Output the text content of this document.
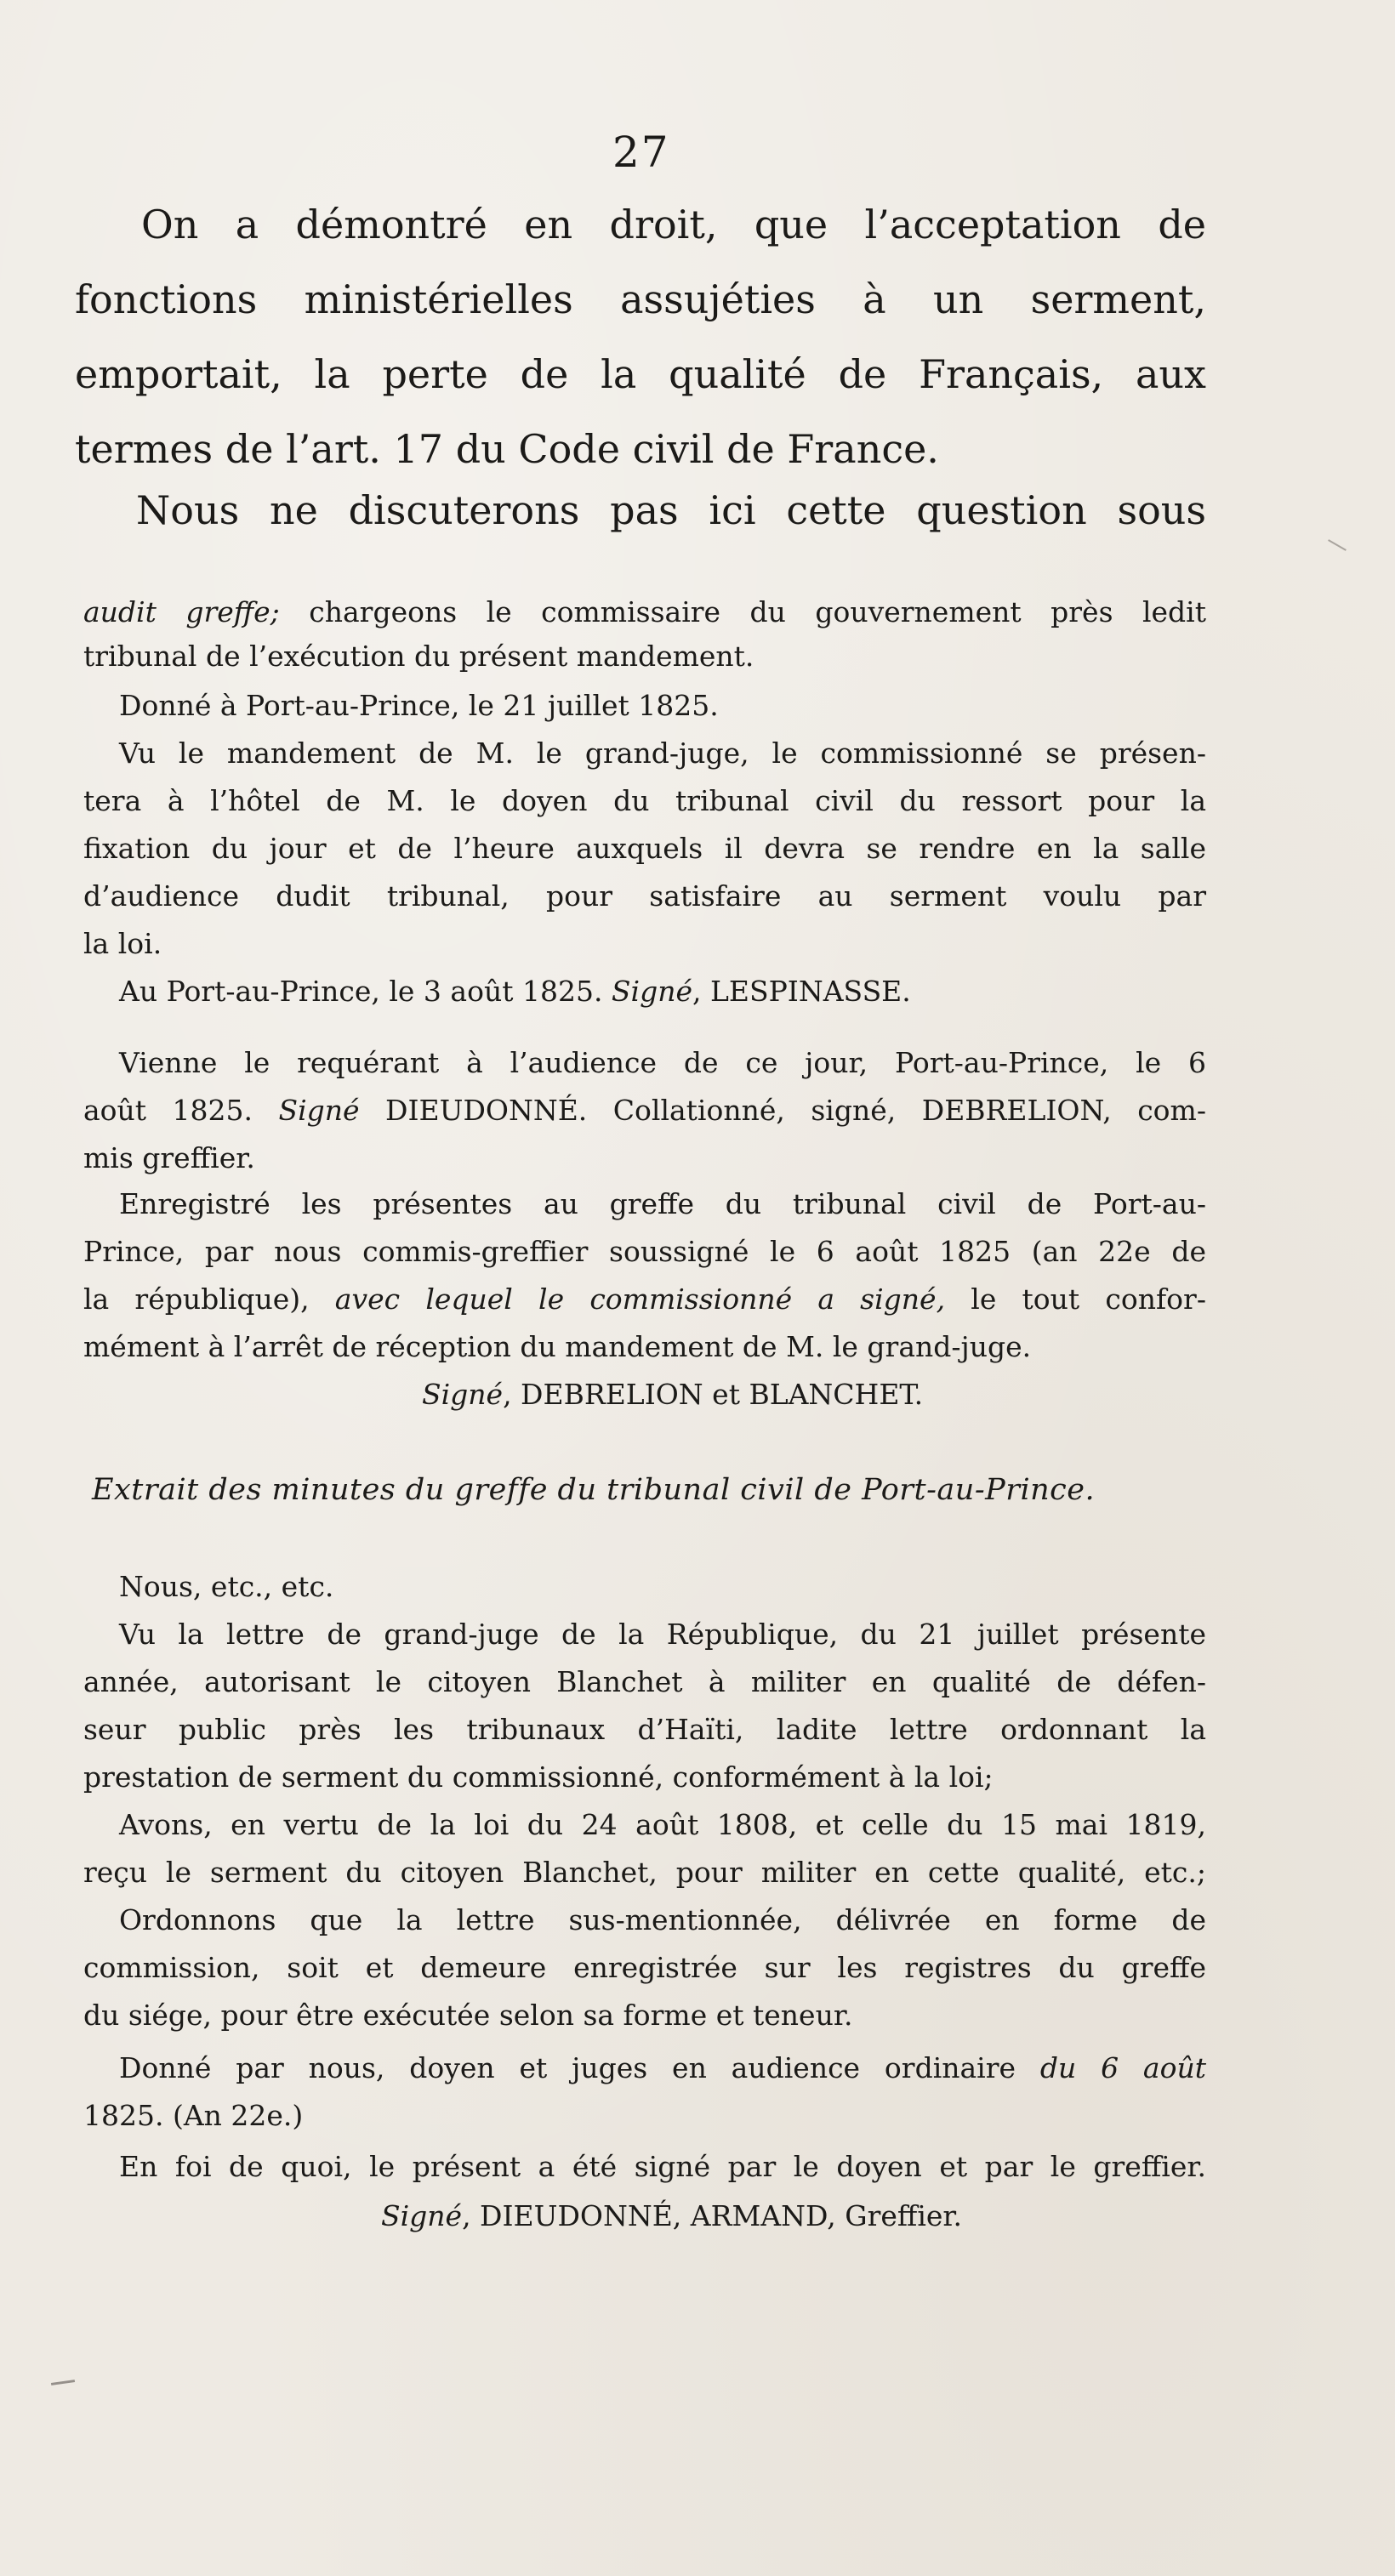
27
On a démontré en droit, que l’acceptation de
fonctions ministérielles assujéties à un serment,
emportait, la perte de la qualité de Français, aux
termes de l’art. 17 du Code civil de France.
Nous ne discuterons pas ici cette question sous

audit greffe; chargeons le commissaire du gouvernement près ledit
tribunal de l’exécution du présent mandement.
Donné à Port-au-Prince, le 21 juillet 1825.
Vu le mandement de M. le grand-juge, le commissionné se présen-
tera à l’hôtel de M. le doyen du tribunal civil du ressort pour la
fixation du jour et de l’heure auxquels il devra se rendre en la salle
d’audience dudit tribunal, pour satisfaire au serment voulu par
la loi.
Au Port-au-Prince, le 3 août 1825. Signé, LESPINASSE.
Vienne le requérant à l’audience de ce jour, Port-au-Prince, le 6
août 1825. Signé DIEUDONNÉ. Collationné, signé, DEBRELION, com-
mis greffier.
Enregistré les présentes au greffe du tribunal civil de Port-au-
Prince, par nous commis-greffier soussigné le 6 août 1825 (an 22e de
la république), avec lequel le commissionné a signé, le tout confor-
mément à l’arrêt de réception du mandement de M. le grand-juge.
Signé, DEBRELION et BLANCHET.
Extrait des minutes du greffe du tribunal civil de Port-au-Prince.
Nous, etc., etc.
Vu la lettre de grand-juge de la République, du 21 juillet présente
année, autorisant le citoyen Blanchet à militer en qualité de défen-
seur public près les tribunaux d’Haïti, ladite lettre ordonnant la
prestation de serment du commissionné, conformément à la loi;
Avons, en vertu de la loi du 24 août 1808, et celle du 15 mai 1819,
reçu le serment du citoyen Blanchet, pour militer en cette qualité, etc.;
Ordonnons que la lettre sus-mentionnée, délivrée en forme de
commission, soit et demeure enregistrée sur les registres du greffe
du siége, pour être exécutée selon sa forme et teneur.
Donné par nous, doyen et juges en audience ordinaire du 6 août
1825. (An 22e.)
En foi de quoi, le présent a été signé par le doyen et par le greffier.
Signé, DIEUDONNÉ, ARMAND, Greffier.
